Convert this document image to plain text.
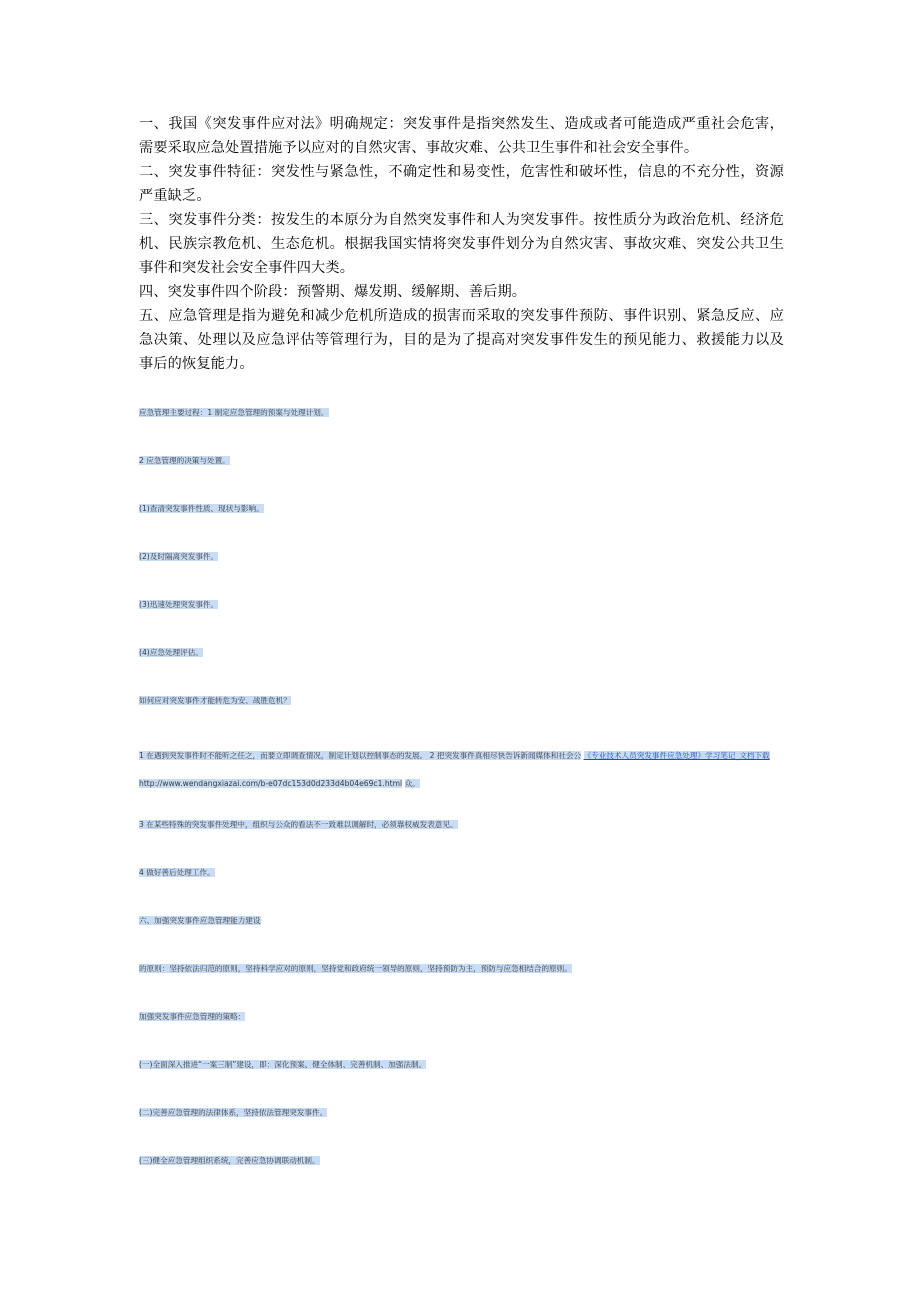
一、我国《突发事件应对法》明确规定：突发事件是指突然发生、造成或者可能造成严重社会危害，需要采取应急处置措施予以应对的自然灾害、事故灾难、公共卫生事件和社会安全事件。

二、突发事件特征：突发性与紧急性，不确定性和易变性，危害性和破坏性，信息的不充分性，资源严重缺乏。

三、突发事件分类：按发生的本原分为自然突发事件和人为突发事件。按性质分为政治危机、经济危机、民族宗教危机、生态危机。根据我国实情将突发事件划分为自然灾害、事故灾难、突发公共卫生事件和突发社会安全事件四大类。

四、突发事件四个阶段：预警期、爆发期、缓解期、善后期。

五、应急管理是指为避免和减少危机所造成的损害而采取的突发事件预防、事件识别、紧急反应、应急决策、处理以及应急评估等管理行为，目的是为了提高对突发事件发生的预见能力、救援能力以及事后的恢复能力。

应急管理主要过程：1 制定应急管理的预案与处理计划。
2 应急管理的决策与处置。
(1)查清突发事件性质、现状与影响。
(2)及时隔离突发事件。
(3)迅速处理突发事件。
(4)应急处理评估。
如何应对突发事件才能转危为安、战胜危机？
1 在遇到突发事件时不能听之任之，而要立即调查情况，制定计划以控制事态的发展。 2 把突发事件真相尽快告诉新闻媒体和社会公 《专业技术人员突发事件应急处理》学习笔记_文档下载 http://www.wendangxiazai.com/b-e07dc153d0d233d4b04e69c1.html 众。
3 在某些特殊的突发事件处理中，组织与公众的看法不一致难以调解时，必须靠权威发表意见。
4 做好善后处理工作。
六、加强突发事件应急管理能力建设
的原则：坚持依法归范的原则，坚持科学应对的原则，坚持党和政府统一领导的原则，坚持预防为主，预防与应急相结合的原则。
加强突发事件应急管理的策略：
(一)全面深入推进“一案三制”建设，即：深化预案、健全体制、完善机制、加强法制。
(二)完善应急管理的法律体系，坚持依法管理突发事件。
(三)健全应急管理组织系统，完善应急协调联动机制。
